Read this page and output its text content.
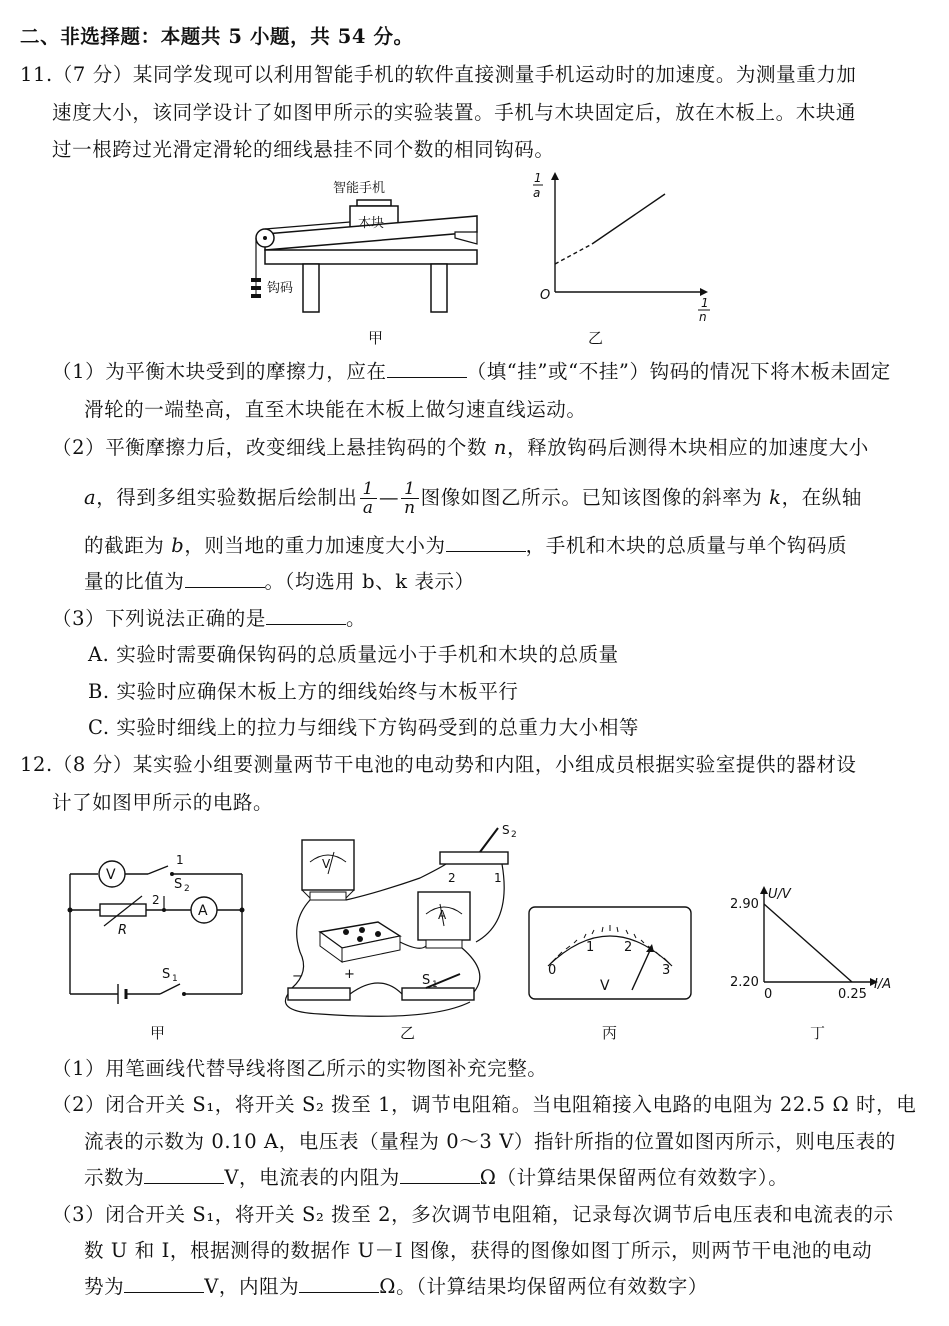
二、非选择题：本题共 5 小题，共 54 分。
11.（7 分）某同学发现可以利用智能手机的软件直接测量手机运动时的加速度。为测量重力加
速度大小，该同学设计了如图甲所示的实验装置。手机与木块固定后，放在木板上。木块通
过一根跨过光滑定滑轮的细线悬挂不同个数的相同钩码。
智能手机
木块
钩码
甲
1
a
O	1
n
乙
（1）为平衡木块受到的摩擦力，应在	（填“挂”或“不挂”）钩码的情况下将木板未固定
滑轮的一端垫高，直至木块能在木板上做匀速直线运动。
（2）平衡摩擦力后，改变细线上悬挂钩码的个数 n，释放钩码后测得木块相应的加速度大小
a，得到多组实验数据后绘制出 $\frac{1}{a}$ — $\frac{1}{n}$ 图像如图乙所示。已知该图像的斜率为 k，在纵轴
的截距为 b，则当地的重力加速度大小为	，手机和木块的总质量与单个钩码质
量的比值为	。（均选用 b、k 表示）
（3）下列说法正确的是	。
A. 实验时需要确保钩码的总质量远小于手机和木块的总质量
B. 实验时应确保木板上方的细线始终与木板平行
C. 实验时细线上的拉力与细线下方钩码受到的总重力大小相等
12.（8 分）某实验小组要测量两节干电池的电动势和内阻，小组成员根据实验室提供的器材设
计了如图甲所示的电路。
V
1
S 2
R
2
A
S 1
甲
V
A
−	+	S 1
S 2
2	1
乙
0
1 2
3
V
丙
U/V
I/A
2.90
2.20
0	0.25
丁
（1）用笔画线代替导线将图乙所示的实物图补充完整。
（2）闭合开关 S₁，将开关 S₂ 拨至 1，调节电阻箱。当电阻箱接入电路的电阻为 22.5 Ω 时，电
流表的示数为 0.10 A，电压表（量程为 0～3 V）指针所指的位置如图丙所示，则电压表的
示数为	V，电流表的内阻为	Ω（计算结果保留两位有效数字）。
（3）闭合开关 S₁，将开关 S₂ 拨至 2，多次调节电阻箱，记录每次调节后电压表和电流表的示
数 U 和 I，根据测得的数据作 U－I 图像，获得的图像如图丁所示，则两节干电池的电动
势为	V，内阻为	Ω。（计算结果均保留两位有效数字）
